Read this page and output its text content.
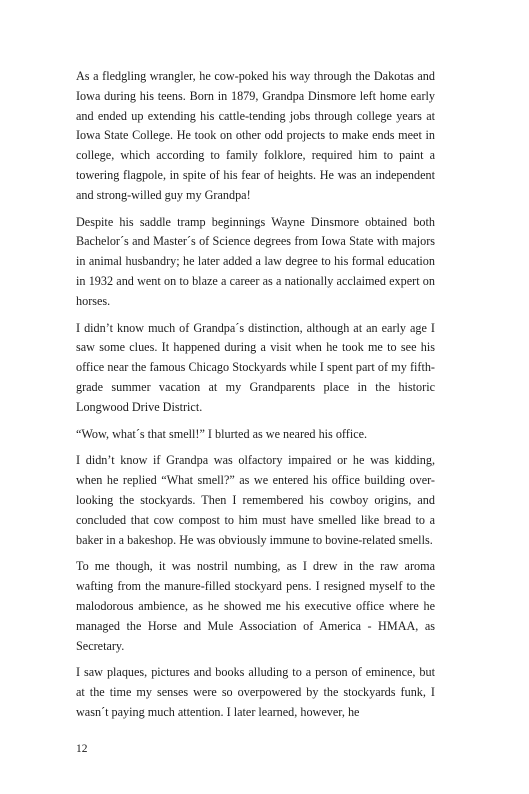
As a fledgling wrangler, he cow-poked his way through the Dakotas and Iowa during his teens. Born in 1879, Grandpa Dinsmore left home early and ended up extending his cattle-tending jobs through college years at Iowa State College. He took on other odd projects to make ends meet in college, which according to family folklore, required him to paint a towering flagpole, in spite of his fear of heights. He was an independent and strong-willed guy my Grandpa!

Despite his saddle tramp beginnings Wayne Dinsmore obtained both Bachelor´s and Master´s of Science degrees from Iowa State with majors in animal husbandry; he later added a law degree to his formal education in 1932 and went on to blaze a career as a nationally acclaimed expert on horses.

I didn’t know much of Grandpa´s distinction, although at an early age I saw some clues. It happened during a visit when he took me to see his office near the famous Chicago Stockyards while I spent part of my fifth-grade summer vacation at my Grandparents place in the historic Longwood Drive District.

“Wow, what´s that smell!” I blurted as we neared his office.

I didn’t know if Grandpa was olfactory impaired or he was kidding, when he replied “What smell?” as we entered his office building over-looking the stockyards. Then I remembered his cowboy origins, and concluded that cow compost to him must have smelled like bread to a baker in a bakeshop. He was obviously immune to bovine-related smells.

To me though, it was nostril numbing, as I drew in the raw aroma wafting from the manure-filled stockyard pens. I resigned myself to the malodorous ambience, as he showed me his executive office where he managed the Horse and Mule Association of America - HMAA, as Secretary.

I saw plaques, pictures and books alluding to a person of eminence, but at the time my senses were so overpowered by the stockyards funk, I wasn´t paying much attention. I later learned, however, he

12
